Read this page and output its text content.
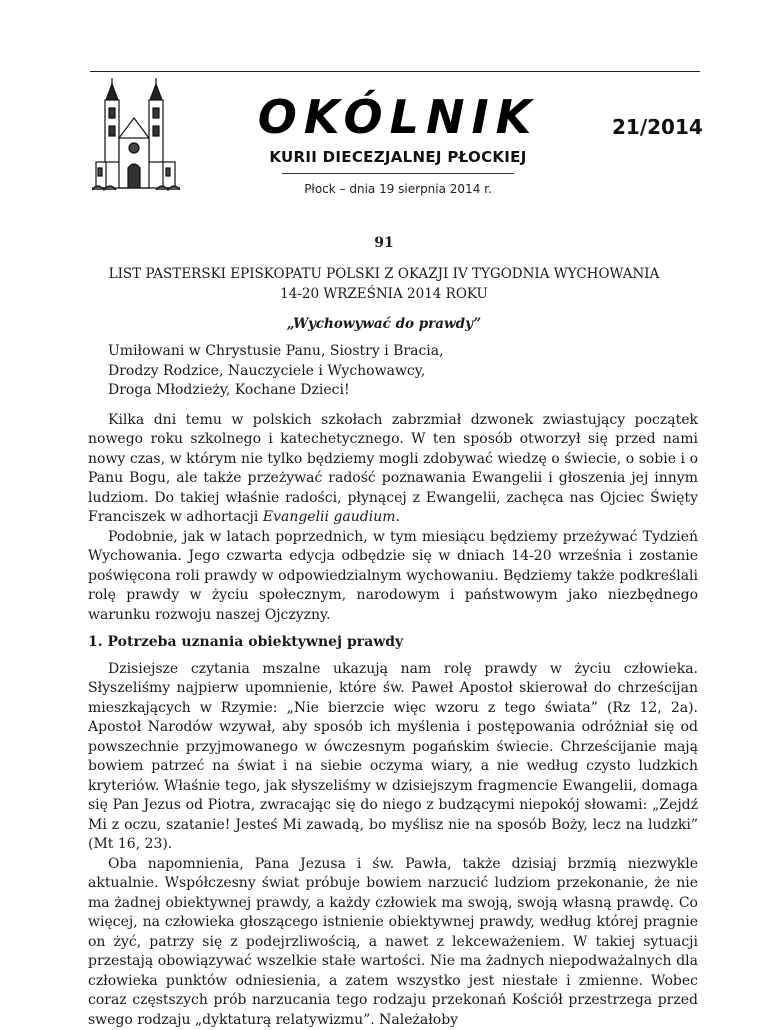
OKÓLNIK
KURII DIECEZJALNEJ PŁOCKIEJ
Płock – dnia 19 sierpnia 2014 r.
21/2014
91
LIST PASTERSKI EPISKOPATU POLSKI Z OKAZJI IV TYGODNIA WYCHOWANIA
14-20 WRZEŚNIA 2014 ROKU
„Wychowywać do prawdy”

Umiłowani w Chrystusie Panu, Siostry i Bracia,

Drodzy Rodzice, Nauczyciele i Wychowawcy,

Droga Młodzieży, Kochane Dzieci!

Kilka dni temu w polskich szkołach zabrzmiał dzwonek zwiastujący początek nowego roku szkolnego i katechetycznego. W ten sposób otworzył się przed nami nowy czas, w którym nie tylko będziemy mogli zdobywać wiedzę o świecie, o sobie i o Panu Bogu, ale także przeżywać radość poznawania Ewangelii i głoszenia jej innym ludziom. Do takiej właśnie radości, płynącej z Ewangelii, zachęca nas Ojciec Święty Franciszek w adhortacji Evangelii gaudium.

Podobnie, jak w latach poprzednich, w tym miesiącu będziemy przeżywać Tydzień Wychowania. Jego czwarta edycja odbędzie się w dniach 14-20 września i zostanie poświęcona roli prawdy w odpowiedzialnym wychowaniu. Będziemy także podkreślali rolę prawdy w życiu społecznym, narodowym i państwowym jako niezbędnego warunku rozwoju naszej Ojczyzny.

1. Potrzeba uznania obiektywnej prawdy

Dzisiejsze czytania mszalne ukazują nam rolę prawdy w życiu człowieka. Słyszeliśmy najpierw upomnienie, które św. Paweł Apostoł skierował do chrześcijan mieszkających w Rzymie: „Nie bierzcie więc wzoru z tego świata” (Rz 12, 2a). Apostoł Narodów wzywał, aby sposób ich myślenia i postępowania odróżniał się od powszechnie przyjmowanego w ówczesnym pogańskim świecie. Chrześcijanie mają bowiem patrzeć na świat i na siebie oczyma wiary, a nie według czysto ludzkich kryteriów. Właśnie tego, jak słyszeliśmy w dzisiejszym fragmencie Ewangelii, domaga się Pan Jezus od Piotra, zwracając się do niego z budzącymi niepokój słowami: „Zejdź Mi z oczu, szatanie! Jesteś Mi zawadą, bo myślisz nie na sposób Boży, lecz na ludzki” (Mt 16, 23).

Oba napomnienia, Pana Jezusa i św. Pawła, także dzisiaj brzmią niezwykle aktualnie. Współczesny świat próbuje bowiem narzucić ludziom przekonanie, że nie ma żadnej obiektywnej prawdy, a każdy człowiek ma swoją, swoją własną prawdę. Co więcej, na człowieka głoszącego istnienie obiektywnej prawdy, według której pragnie on żyć, patrzy się z podejrzliwością, a nawet z lekceważeniem. W takiej sytuacji przestają obowiązywać wszelkie stałe wartości. Nie ma żadnych niepodważalnych dla człowieka punktów odniesienia, a zatem wszystko jest niestałe i zmienne. Wobec coraz częstszych prób narzucania tego rodzaju przekonań Kościół przestrzega przed swego rodzaju „dyktaturą relatywizmu”. Należałoby
